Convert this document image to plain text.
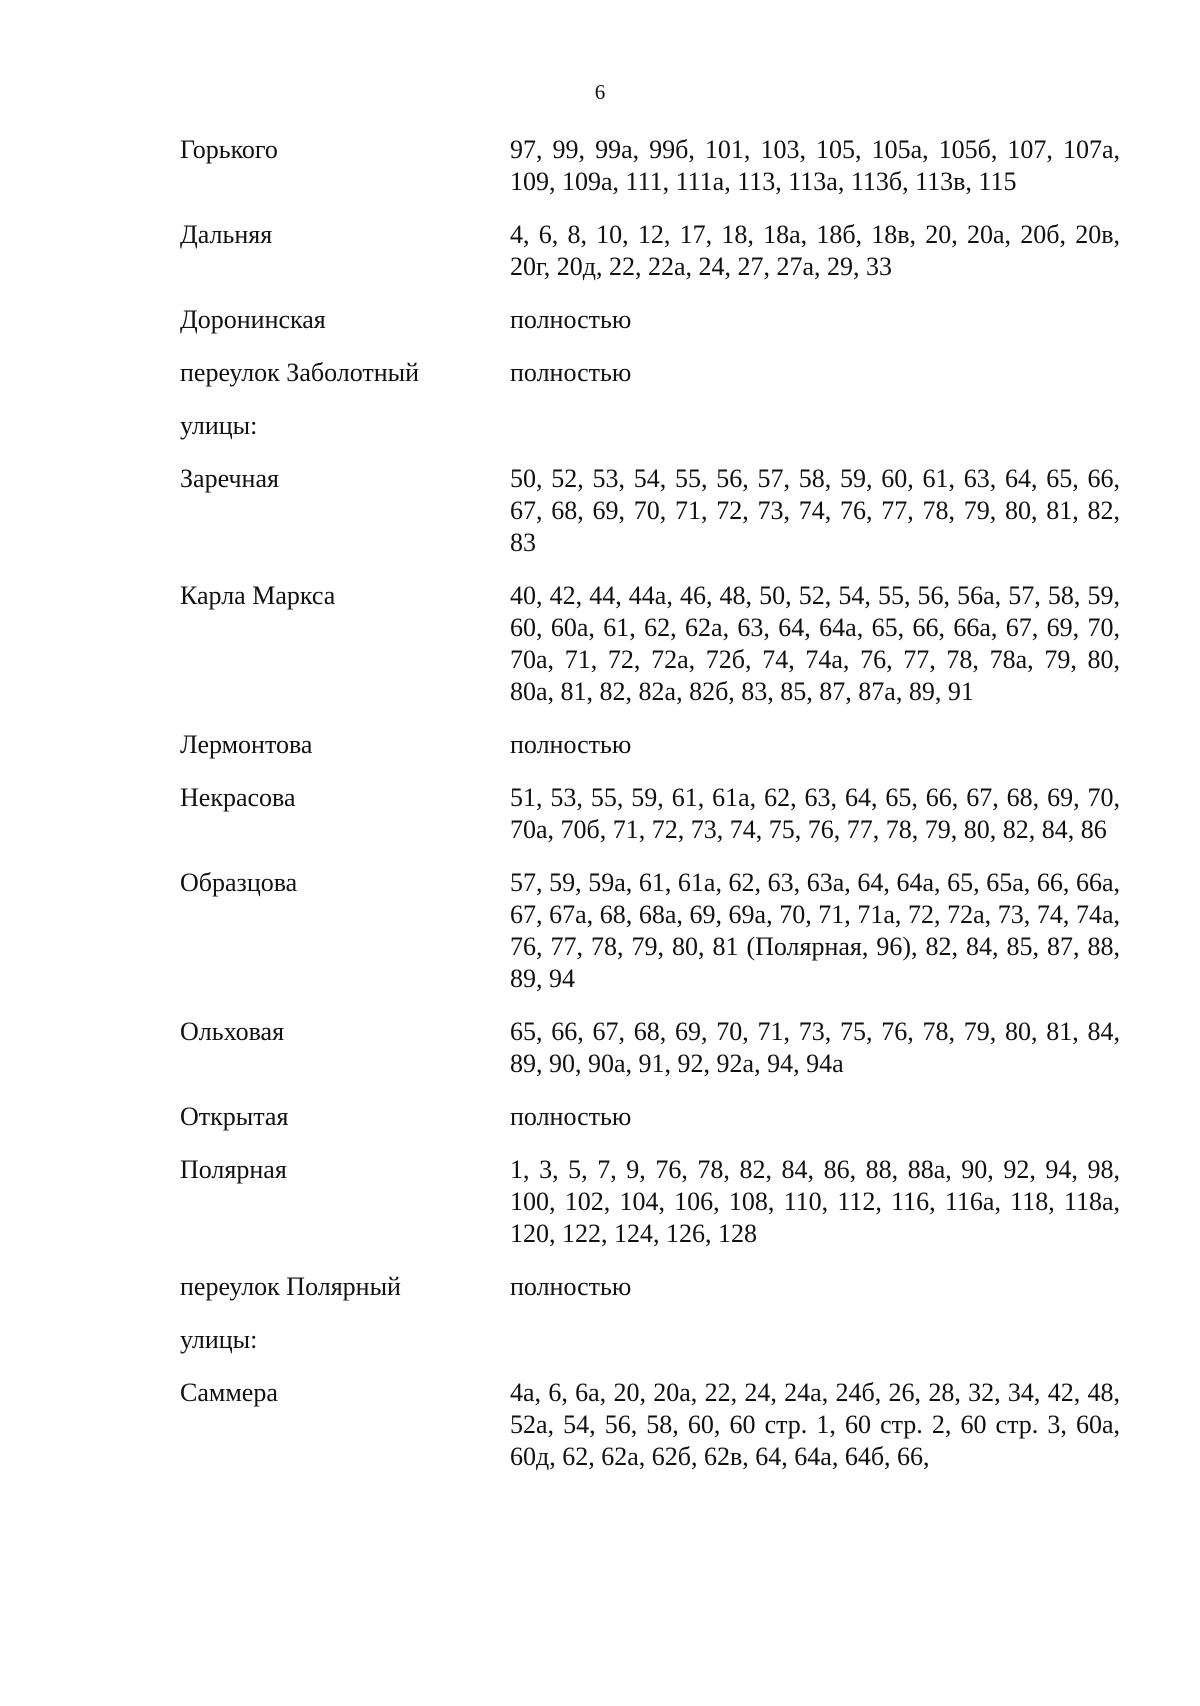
6
Горького	97, 99, 99а, 99б, 101, 103, 105, 105а, 105б, 107, 107а, 109, 109а, 111, 111а, 113, 113а, 113б, 113в, 115
Дальняя	4, 6, 8, 10, 12, 17, 18, 18а, 18б, 18в, 20, 20а, 20б, 20в, 20г, 20д, 22, 22а, 24, 27, 27а, 29, 33
Доронинская	полностью
переулок Заболотный	полностью
улицы:
Заречная	50, 52, 53, 54, 55, 56, 57, 58, 59, 60, 61, 63, 64, 65, 66, 67, 68, 69, 70, 71, 72, 73, 74, 76, 77, 78, 79, 80, 81, 82, 83
Карла Маркса	40, 42, 44, 44а, 46, 48, 50, 52, 54, 55, 56, 56а, 57, 58, 59, 60, 60а, 61, 62, 62а, 63, 64, 64а, 65, 66, 66а, 67, 69, 70, 70а, 71, 72, 72а, 72б, 74, 74а, 76, 77, 78, 78а, 79, 80, 80а, 81, 82, 82а, 82б, 83, 85, 87, 87а, 89, 91
Лермонтова	полностью
Некрасова	51, 53, 55, 59, 61, 61а, 62, 63, 64, 65, 66, 67, 68, 69, 70, 70а, 70б, 71, 72, 73, 74, 75, 76, 77, 78, 79, 80, 82, 84, 86
Образцова	57, 59, 59а, 61, 61а, 62, 63, 63а, 64, 64а, 65, 65а, 66, 66а, 67, 67а, 68, 68а, 69, 69а, 70, 71, 71а, 72, 72а, 73, 74, 74а, 76, 77, 78, 79, 80, 81 (Полярная, 96), 82, 84, 85, 87, 88, 89, 94
Ольховая	65, 66, 67, 68, 69, 70, 71, 73, 75, 76, 78, 79, 80, 81, 84, 89, 90, 90а, 91, 92, 92а, 94, 94а
Открытая	полностью
Полярная	1, 3, 5, 7, 9, 76, 78, 82, 84, 86, 88, 88а, 90, 92, 94, 98, 100, 102, 104, 106, 108, 110, 112, 116, 116а, 118, 118а, 120, 122, 124, 126, 128
переулок Полярный	полностью
улицы:
Саммера	4а, 6, 6а, 20, 20а, 22, 24, 24а, 24б, 26, 28, 32, 34, 42, 48, 52а, 54, 56, 58, 60, 60 стр. 1, 60 стр. 2, 60 стр. 3, 60а, 60д, 62, 62а, 62б, 62в, 64, 64а, 64б, 66,
